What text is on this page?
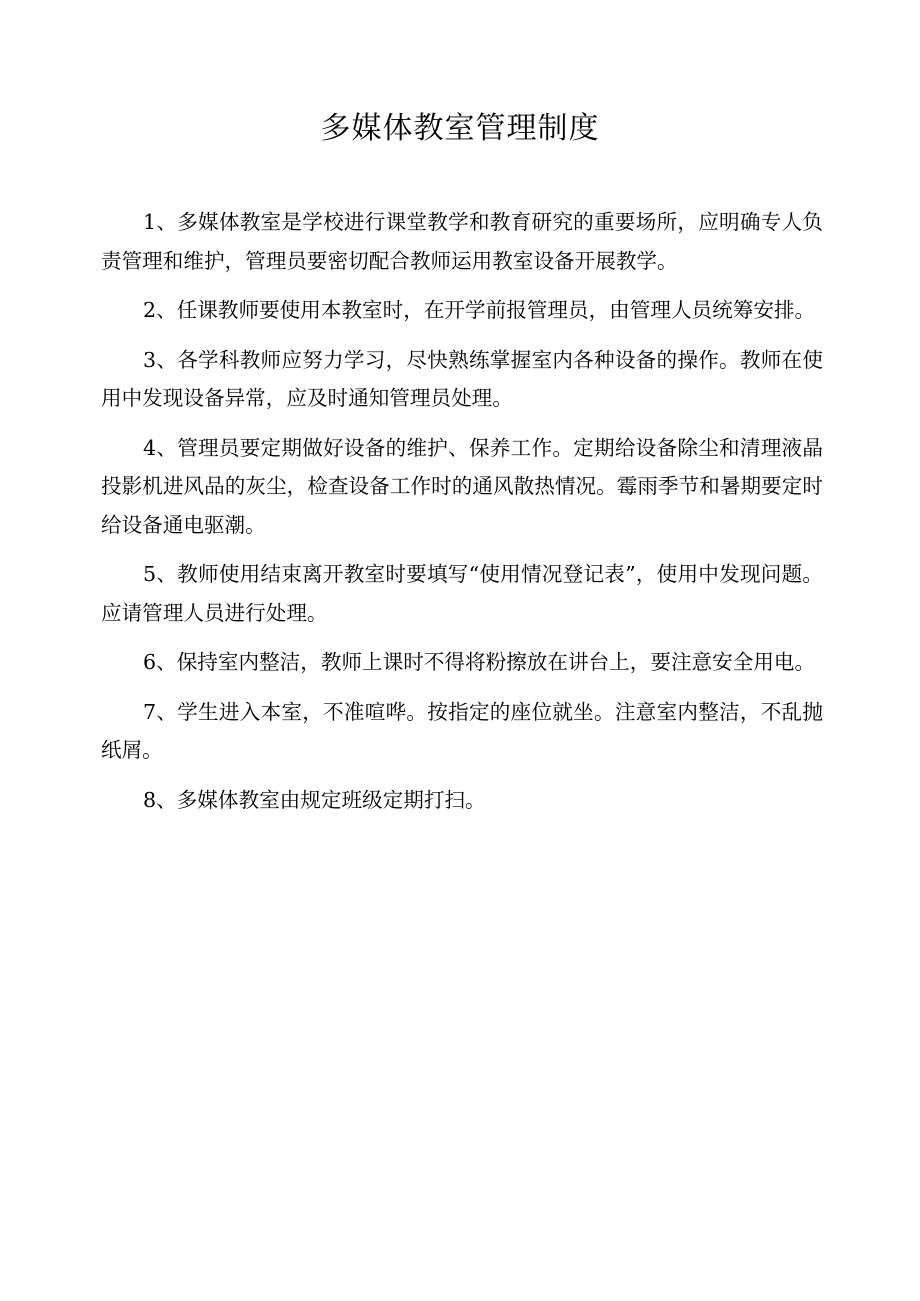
多媒体教室管理制度

1、多媒体教室是学校进行课堂教学和教育研究的重要场所，应明确专人负责管理和维护，管理员要密切配合教师运用教室设备开展教学。

2、任课教师要使用本教室时，在开学前报管理员，由管理人员统筹安排。

3、各学科教师应努力学习，尽快熟练掌握室内各种设备的操作。教师在使用中发现设备异常，应及时通知管理员处理。

4、管理员要定期做好设备的维护、保养工作。定期给设备除尘和清理液晶投影机进风品的灰尘，检查设备工作时的通风散热情况。霉雨季节和暑期要定时给设备通电驱潮。

5、教师使用结束离开教室时要填写“使用情况登记表”，使用中发现问题。应请管理人员进行处理。

6、保持室内整洁，教师上课时不得将粉擦放在讲台上，要注意安全用电。

7、学生进入本室，不准喧哗。按指定的座位就坐。注意室内整洁，不乱抛纸屑。

8、多媒体教室由规定班级定期打扫。
